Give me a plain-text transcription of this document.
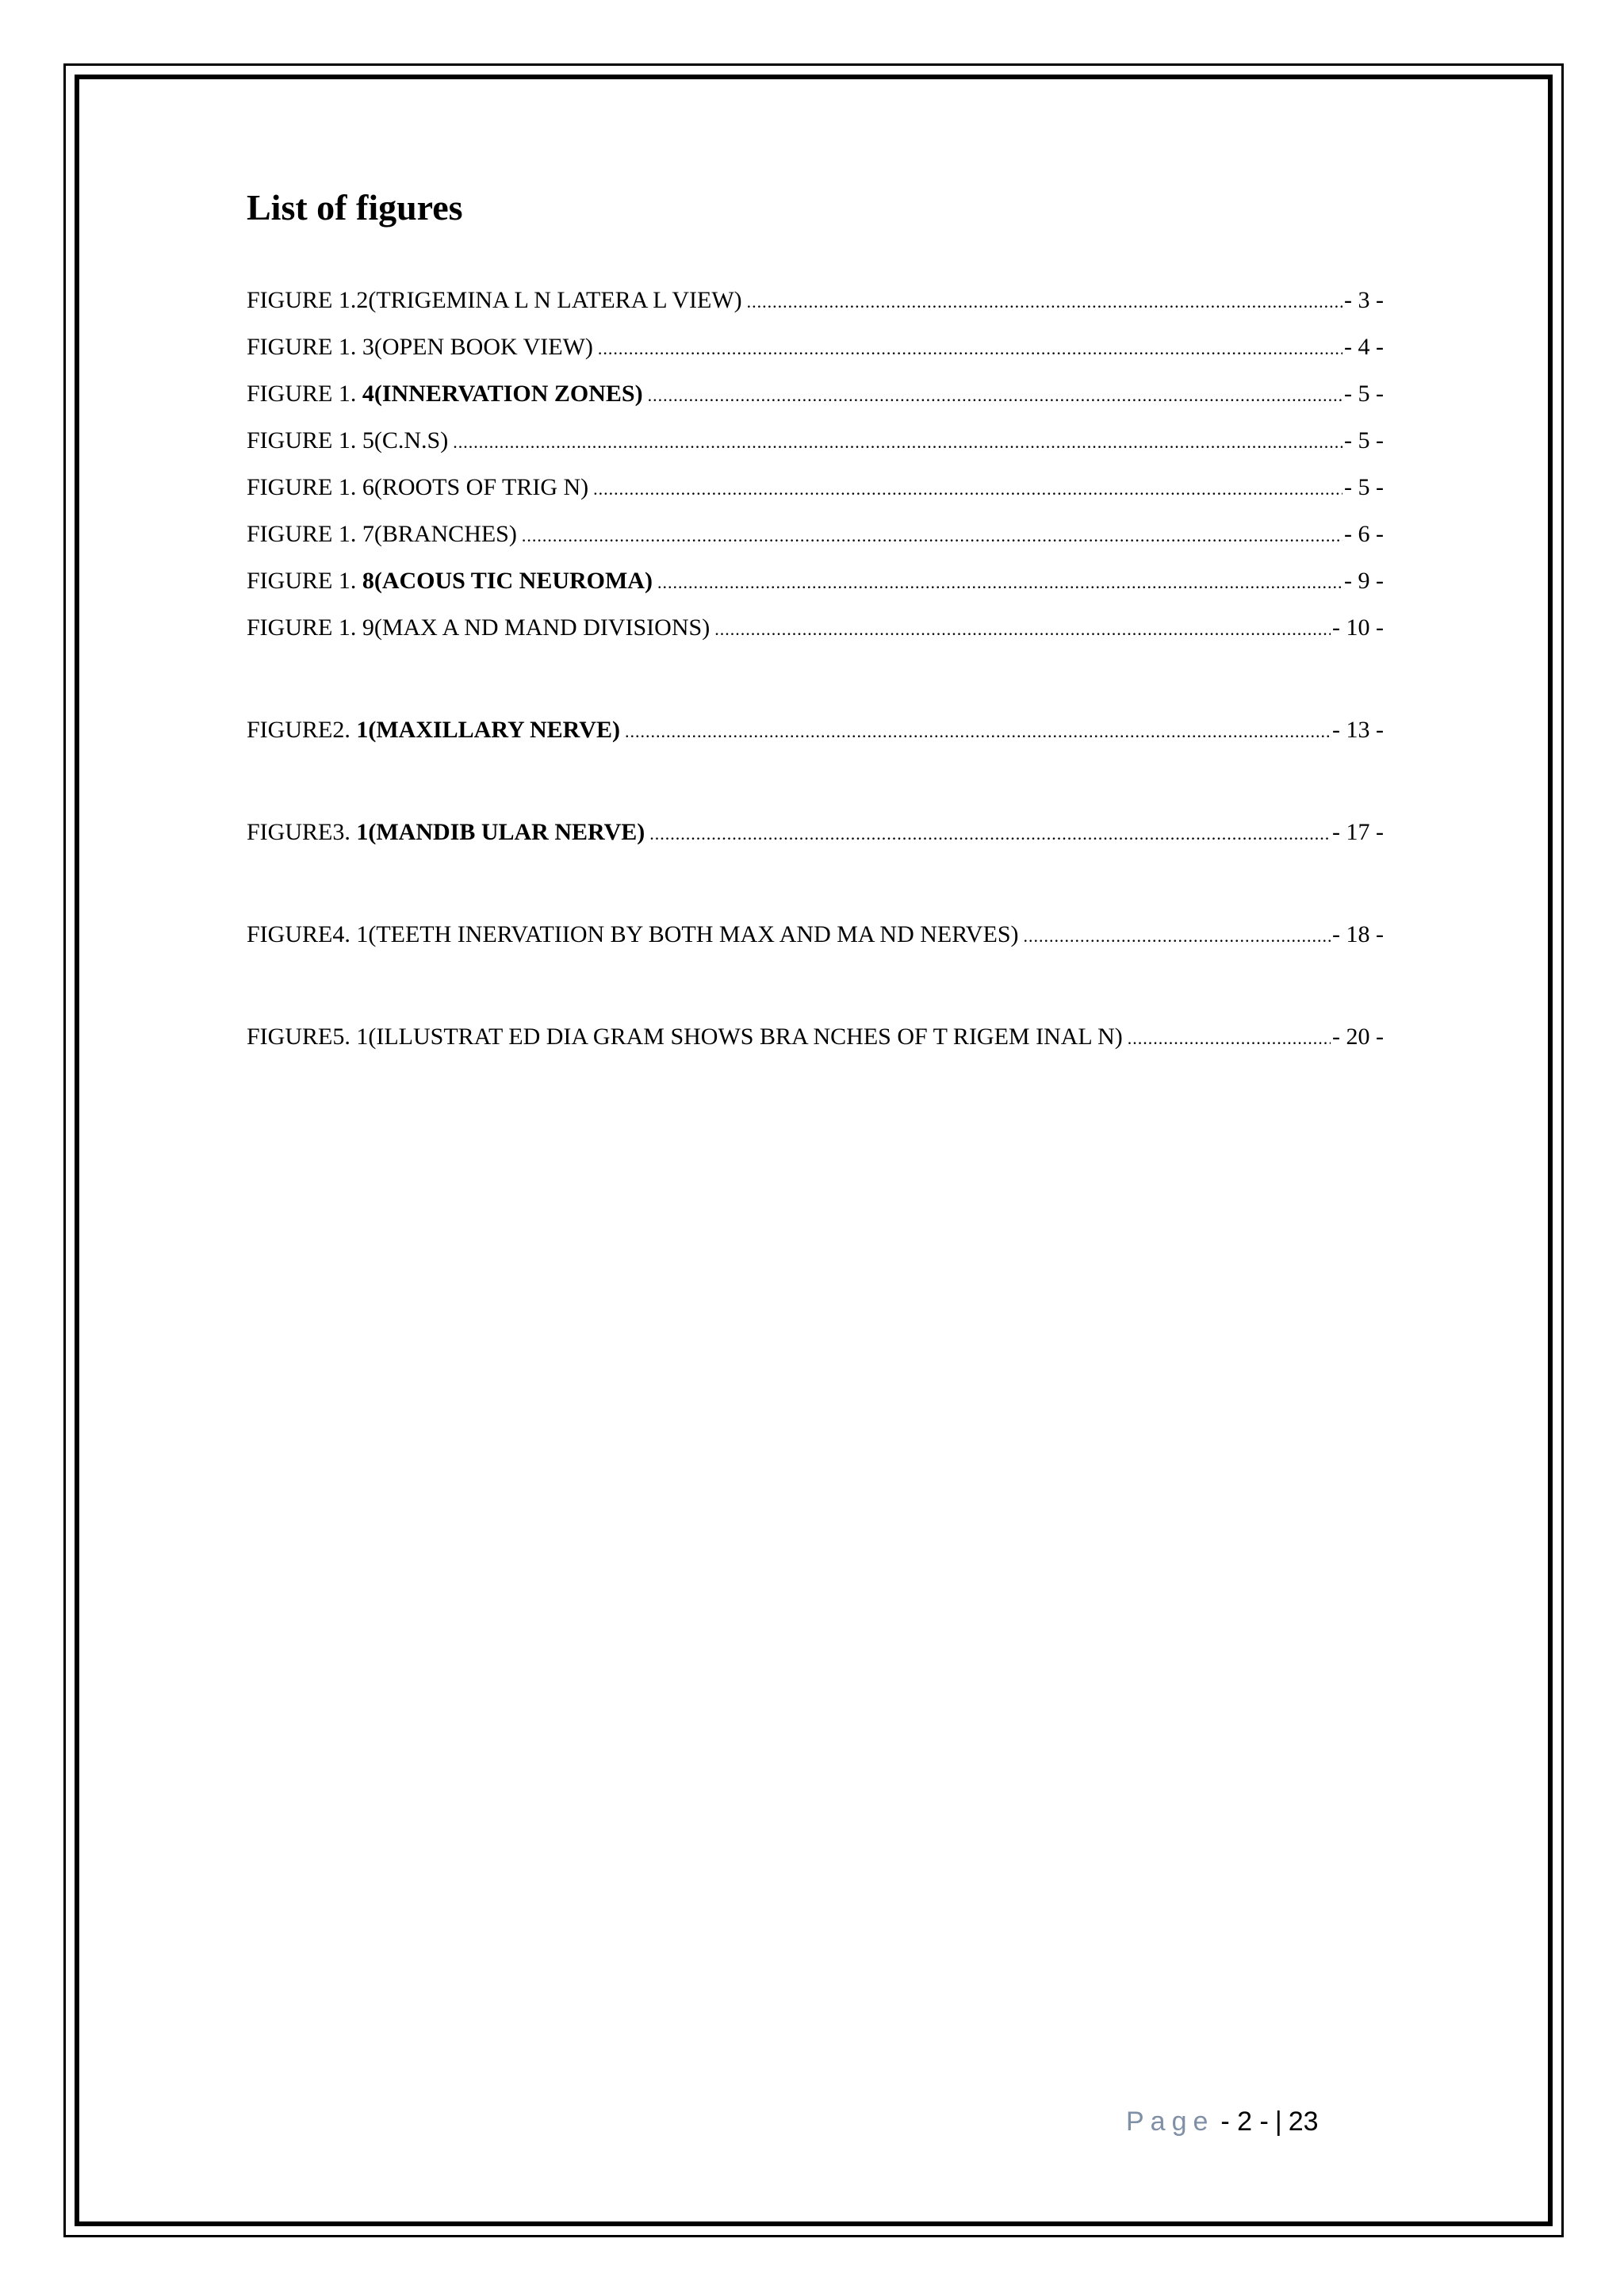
List of figures
FIGURE 1.2(TRIGEMINA L N LATERA L VIEW) .....	- 3 -
FIGURE 1. 3(OPEN BOOK VIEW) .....	- 4 -
FIGURE 1. 4(INNERVATION ZONES) .....	- 5 -
FIGURE 1. 5(C.N.S) .....	- 5 -
FIGURE 1. 6(ROOTS OF TRIG N) .....	- 5 -
FIGURE 1. 7(BRANCHES) .....	- 6 -
FIGURE 1. 8(ACOUS TIC NEUROMA) .....	- 9 -
FIGURE 1. 9(MAX A ND MAND DIVISIONS) .....	- 10 -
FIGURE2. 1(MAXILLARY NERVE) .....	- 13 -
FIGURE3. 1(MANDIB ULAR NERVE) .....	- 17 -
FIGURE4. 1(TEETH INERVATIION BY BOTH MAX AND MA ND NERVES) .....	- 18 -
FIGURE5. 1(ILLUSTRAT ED DIA GRAM SHOWS BRA NCHES OF T RIGEM INAL N) .....	- 20 -
Page - 2 - | 23
